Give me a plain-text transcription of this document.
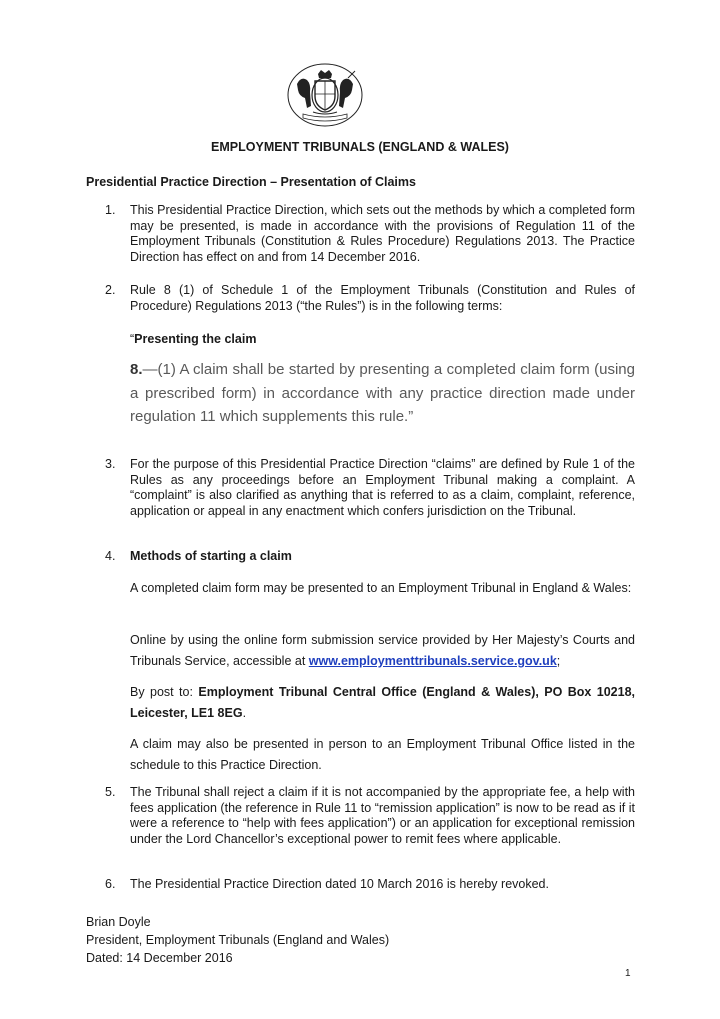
EMPLOYMENT TRIBUNALS (ENGLAND & WALES)
Presidential Practice Direction – Presentation of Claims
1. This Presidential Practice Direction, which sets out the methods by which a completed form may be presented, is made in accordance with the provisions of Regulation 11 of the Employment Tribunals (Constitution & Rules Procedure) Regulations 2013. The Practice Direction has effect on and from 14 December 2016.
2. Rule 8 (1) of Schedule 1 of the Employment Tribunals (Constitution and Rules of Procedure) Regulations 2013 (“the Rules”) is in the following terms:
“Presenting the claim
8.—(1) A claim shall be started by presenting a completed claim form (using a prescribed form) in accordance with any practice direction made under regulation 11 which supplements this rule.”
3. For the purpose of this Presidential Practice Direction “claims” are defined by Rule 1 of the Rules as any proceedings before an Employment Tribunal making a complaint. A “complaint” is also clarified as anything that is referred to as a claim, complaint, reference, application or appeal in any enactment which confers jurisdiction on the Tribunal.
4. Methods of starting a claim
A completed claim form may be presented to an Employment Tribunal in England & Wales:
Online by using the online form submission service provided by Her Majesty’s Courts and Tribunals Service, accessible at www.employmenttribunals.service.gov.uk;
By post to: Employment Tribunal Central Office (England & Wales), PO Box 10218, Leicester, LE1 8EG.
A claim may also be presented in person to an Employment Tribunal Office listed in the schedule to this Practice Direction.
5. The Tribunal shall reject a claim if it is not accompanied by the appropriate fee, a help with fees application (the reference in Rule 11 to “remission application” is now to be read as if it were a reference to “help with fees application”) or an application for exceptional remission under the Lord Chancellor’s exceptional power to remit fees where applicable.
6. The Presidential Practice Direction dated 10 March 2016 is hereby revoked.
Brian Doyle
President, Employment Tribunals (England and Wales)
Dated: 14 December 2016
1
